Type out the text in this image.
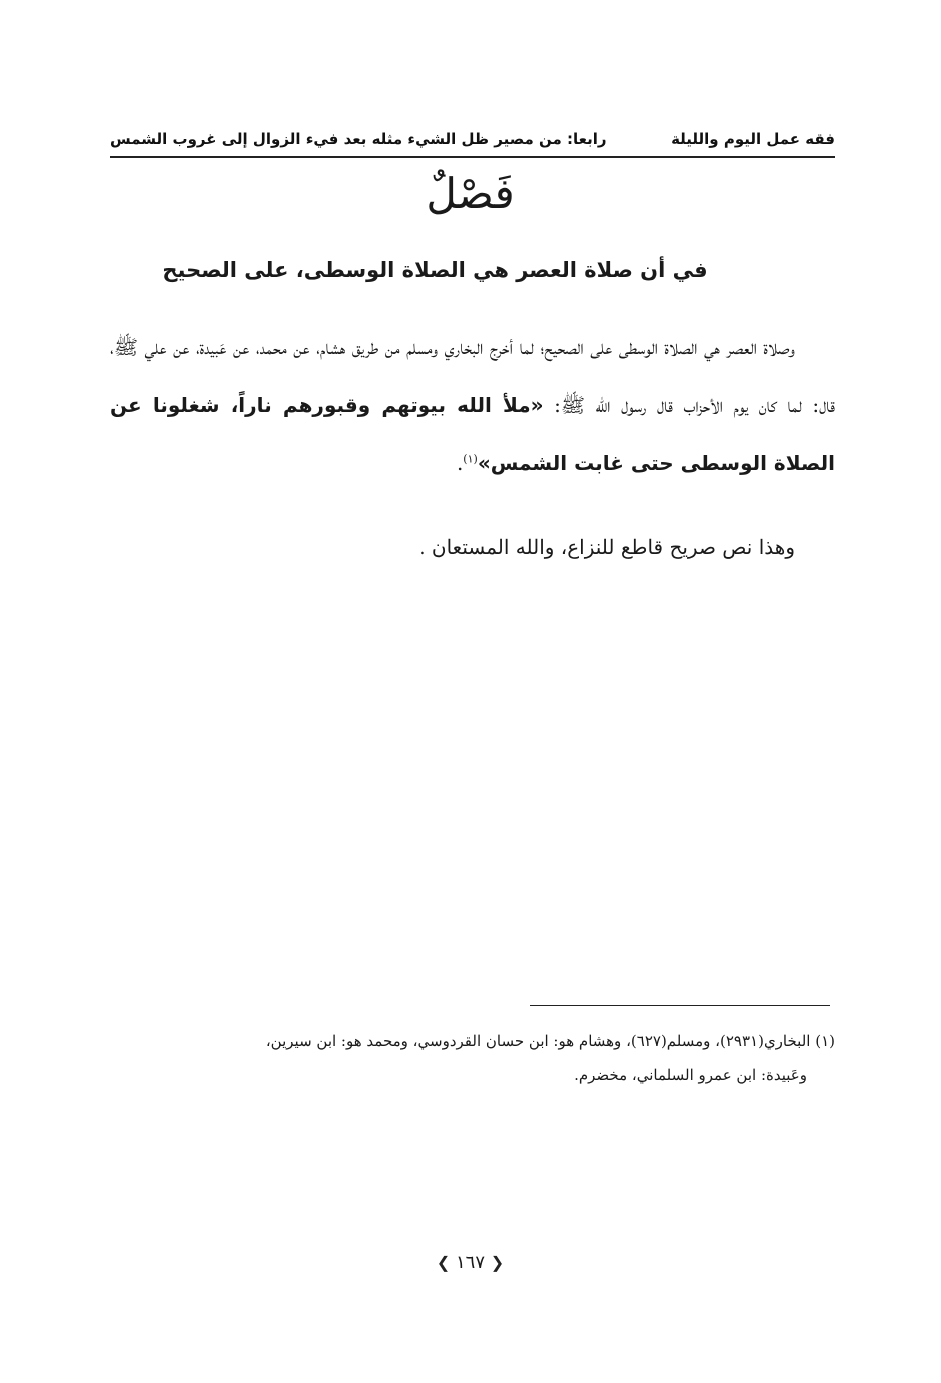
فقه عمل اليوم والليلة
رابعا: من مصير ظل الشيء مثله بعد فيء الزوال إلى غروب الشمس
فَصْلٌ
في أن صلاة العصر هي الصلاة الوسطى، على الصحيح

وصلاة العصر هي الصلاة الوسطى على الصحيح؛ لما أخرج البخاري ومسلم من طريق هشام، عن محمد، عن عَبيدة، عن علي ﷺ، قال: لما كان يوم الأحزاب قال رسول الله ﷺ: «ملأ الله بيوتهم وقبورهم ناراً، شغلونا عن الصلاة الوسطى حتى غابت الشمس»$^{(١)}$.

وهذا نص صريح قاطع للنزاع، والله المستعان .

(١) البخاري(٢٩٣١)، ومسلم(٦٢٧)، وهشام هو: ابن حسان القردوسي، ومحمد هو: ابن سيرين،

وعَبيدة: ابن عمرو السلماني، مخضرم.

❮ ١٦٧ ❯
